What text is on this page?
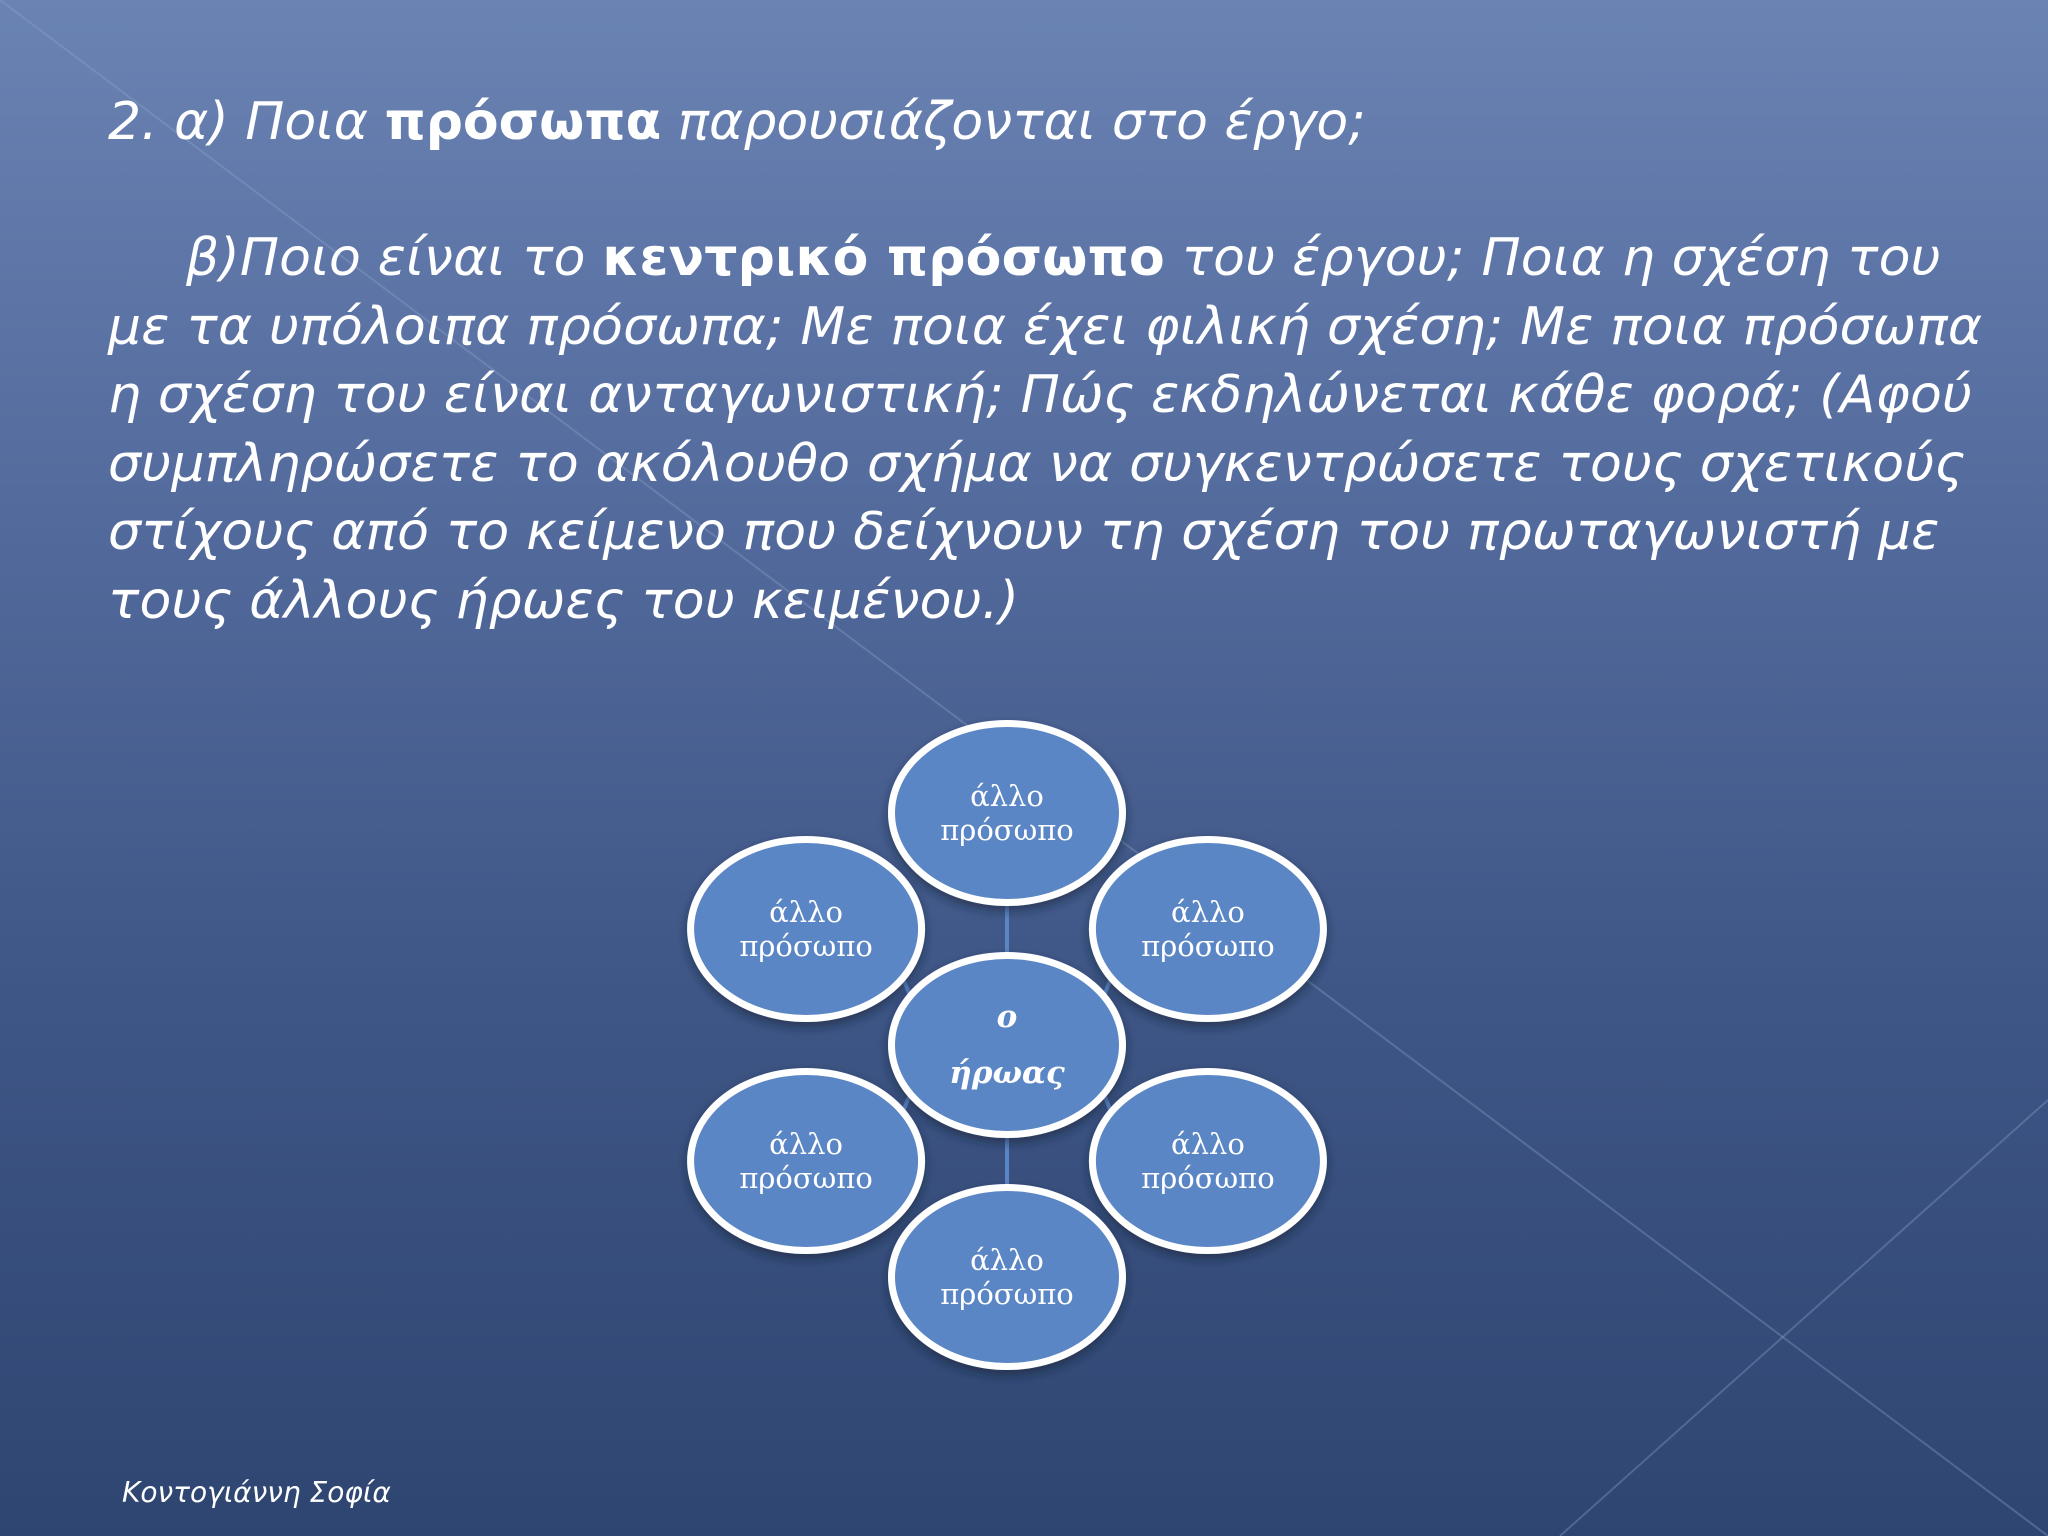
2. α) Ποια πρόσωπα παρουσιάζονται στο έργο;
β)Ποιο είναι το κεντρικό πρόσωπο του έργου; Ποια η σχέση του με τα υπόλοιπα πρόσωπα; Με ποια έχει φιλική σχέση; Με ποια πρόσωπα η σχέση του είναι ανταγωνιστική; Πώς εκδηλώνεται κάθε φορά; (Αφού συμπληρώσετε το ακόλουθο σχήμα να συγκεντρώσετε τους σχετικούς στίχους από το κείμενο που δείχνουν τη σχέση του πρωταγωνιστή με τους άλλους ήρωες του κειμένου.)
άλλο
πρόσωπο
άλλο
πρόσωπο
άλλο
πρόσωπο
άλλο
πρόσωπο
άλλο
πρόσωπο
άλλο
πρόσωπο
ο
ήρωας
Κοντογιάννη Σοφία
